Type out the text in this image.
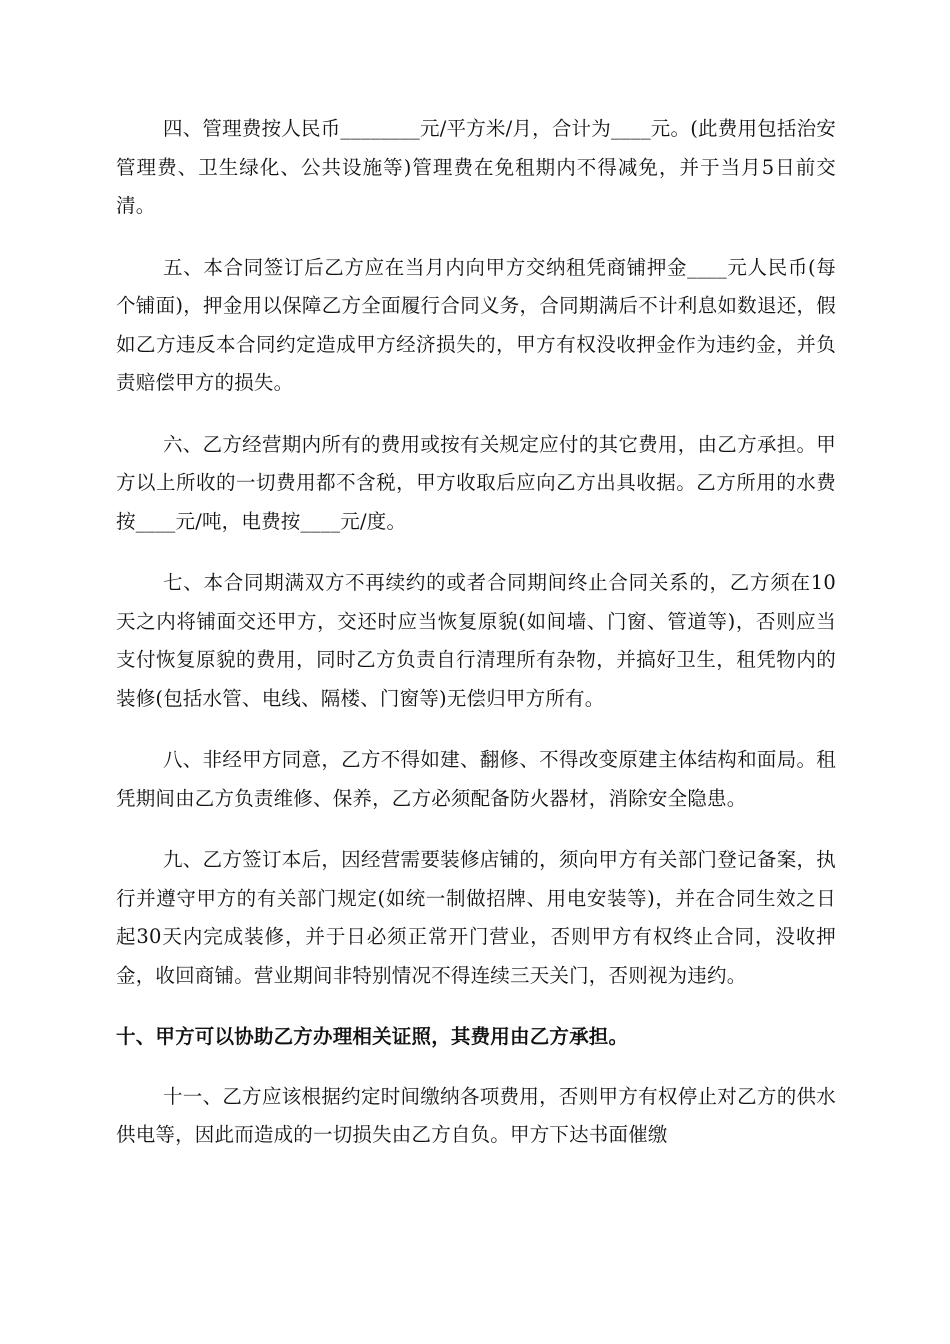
四、管理费按人民币________元/平方米/月，合计为____元。(此费用包括治安管理费、卫生绿化、公共设施等)管理费在免租期内不得减免，并于当月5日前交清。

五、本合同签订后乙方应在当月内向甲方交纳租凭商铺押金____元人民币(每个铺面)，押金用以保障乙方全面履行合同义务，合同期满后不计利息如数退还，假如乙方违反本合同约定造成甲方经济损失的，甲方有权没收押金作为违约金，并负责赔偿甲方的损失。

六、乙方经营期内所有的费用或按有关规定应付的其它费用，由乙方承担。甲方以上所收的一切费用都不含税，甲方收取后应向乙方出具收据。乙方所用的水费按____元/吨，电费按____元/度。

七、本合同期满双方不再续约的或者合同期间终止合同关系的，乙方须在10天之内将铺面交还甲方，交还时应当恢复原貌(如间墙、门窗、管道等)，否则应当支付恢复原貌的费用，同时乙方负责自行清理所有杂物，并搞好卫生，租凭物内的装修(包括水管、电线、隔楼、门窗等)无偿归甲方所有。

八、非经甲方同意，乙方不得如建、翻修、不得改变原建主体结构和面局。租凭期间由乙方负责维修、保养，乙方必须配备防火器材，消除安全隐患。

九、乙方签订本后，因经营需要装修店铺的，须向甲方有关部门登记备案，执行并遵守甲方的有关部门规定(如统一制做招牌、用电安装等)，并在合同生效之日起30天内完成装修，并于日必须正常开门营业，否则甲方有权终止合同，没收押金，收回商铺。营业期间非特别情况不得连续三天关门，否则视为违约。

十、甲方可以协助乙方办理相关证照，其费用由乙方承担。

十一、乙方应该根据约定时间缴纳各项费用，否则甲方有权停止对乙方的供水供电等，因此而造成的一切损失由乙方自负。甲方下达书面催缴
